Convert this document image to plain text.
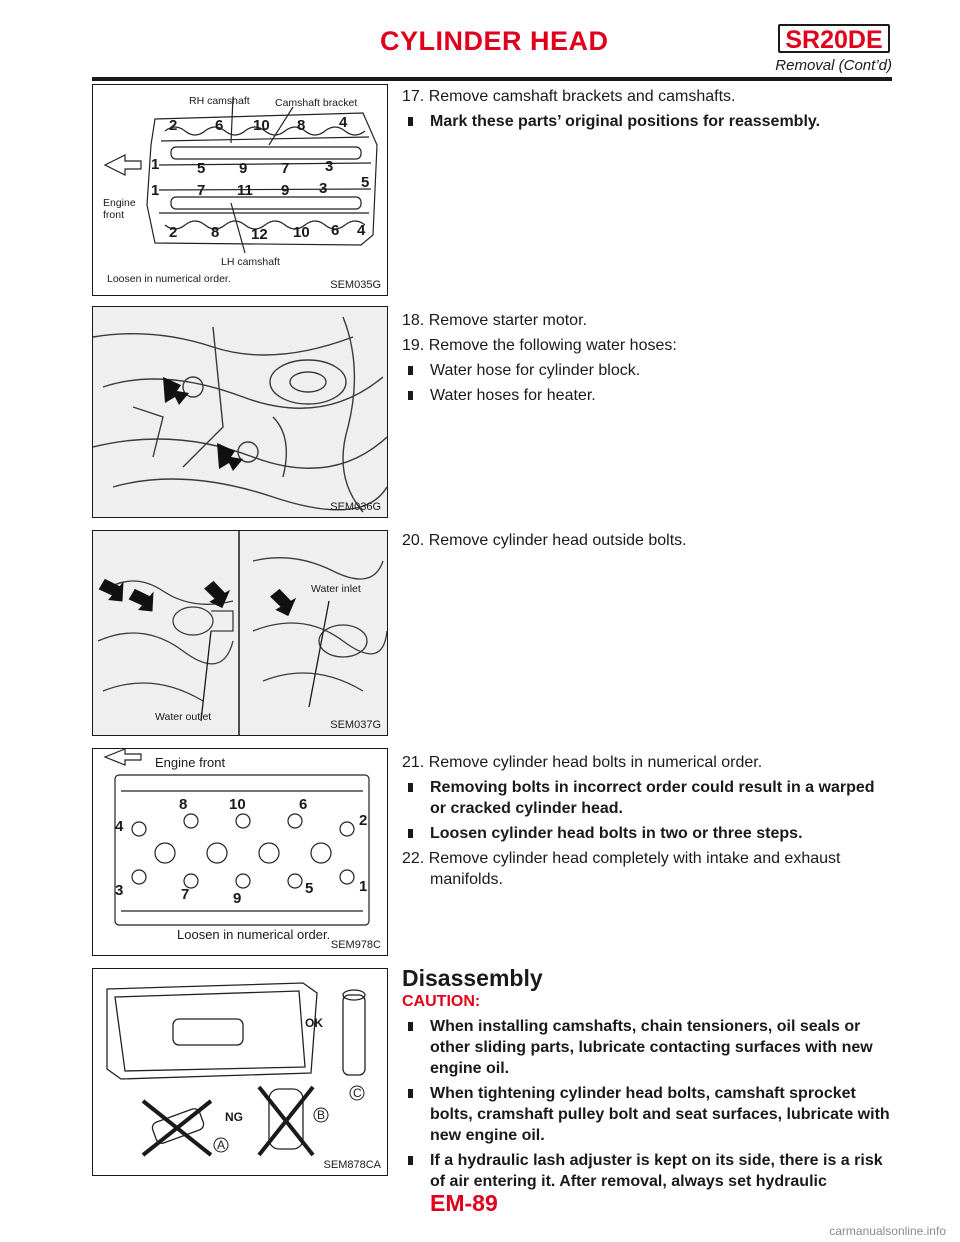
CYLINDER HEAD	SR20DE
Removal (Cont’d)
2	6 10 8 4
1	5 9 7 3
1	7 11 9 3 5
2 8 12 10 6 4
RH camshaft Camshaft bracket
Engine
front
LH camshaft
Loosen in numerical order.	SEM035G
SEM036G
Water inlet
Water outlet
SEM037G
4
8	10	6
2
3	7	9
5	1
Engine front
Loosen in numerical order.
SEM978C
OK
NG
A
B
C
SEM878CA
17. Remove camshaft brackets and camshafts.
Mark these parts’ original positions for reassembly.
18. Remove starter motor.
19. Remove the following water hoses:
Water hose for cylinder block.
Water hoses for heater.
20. Remove cylinder head outside bolts.
21. Remove cylinder head bolts in numerical order.
Removing bolts in incorrect order could result in a warped or cracked cylinder head.
Loosen cylinder head bolts in two or three steps.
22. Remove cylinder head completely with intake and exhaust manifolds.
Disassembly
CAUTION:
When installing camshafts, chain tensioners, oil seals or other sliding parts, lubricate contacting surfaces with new engine oil.
When tightening cylinder head bolts, camshaft sprocket bolts, cramshaft pulley bolt and seat surfaces, lubricate with new engine oil.
If a hydraulic lash adjuster is kept on its side, there is a risk of air entering it. After removal, always set hydraulic
EM-89
carmanualsonline.info
